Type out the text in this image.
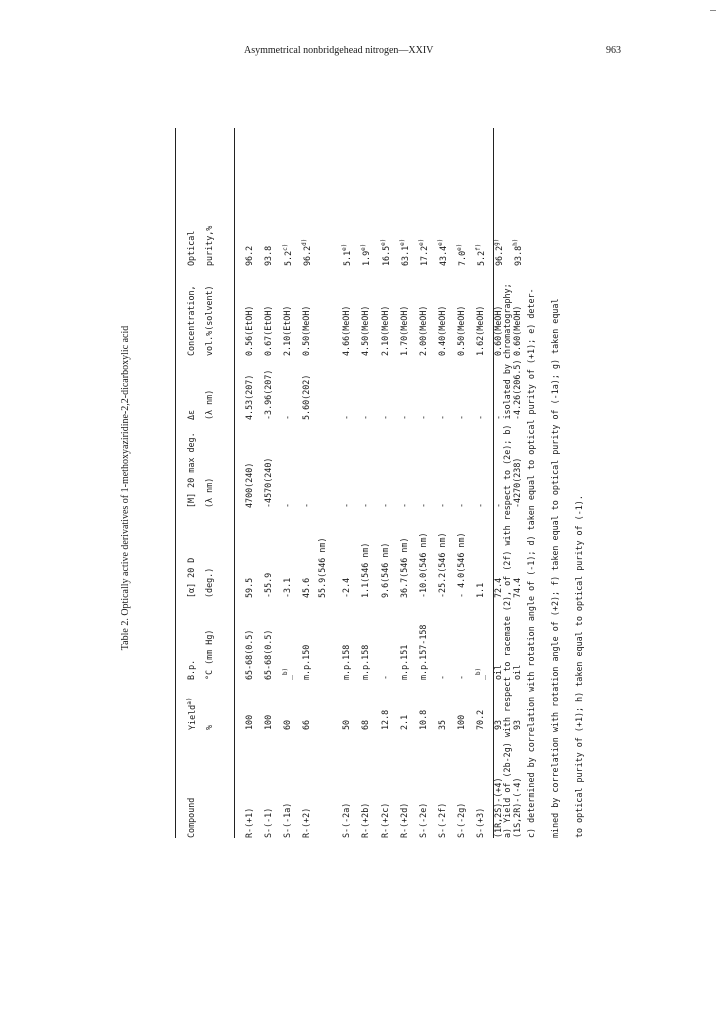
Asymmetrical nonbridgehead nitrogen—XXIV	963
Table 2. Optically active derivatives of 1-methoxyaziridine-2,2-dicarboxylic acid
Compound
Yield$^{a)}$
%
B.p. °C (mm Hg)
[α] 20 D (deg.)
[M] 20 max deg. (λ nm)
Δε (λ nm)
Concentration, vol.%(solvent)
Optical purity,%
R-(+1)
100
65-68(0.5)
59.5
4700(240)
4.53(207)
0.56(EtOH)
96.2
S-(-1)
100
65-68(0.5)
-55.9
-4570(240)
-3.96(207)
0.67(EtOH)
93.8
S-(-1a)
60
_$^{b)}$
-3.1
-
-
2.10(EtOH)
5.2$^{c)}$
R-(+2)
66
m.p.150
45.6
-
5.60(202)
0.50(MeOH)
96.2$^{d)}$
55.9(546 nm)
S-(-2a)
50
m.p.158
-2.4
-
-
4.66(MeOH)
5.1$^{e)}$
R-(+2b)
68
m.p.158
1.1(546 nm)
-
-
4.50(MeOH)
1.9$^{e)}$
R-(+2c)
12.8
-
9.6(546 nm)
-
-
2.10(MeOH)
16.5$^{e)}$
R-(+2d)
2.1
m.p.151
36.7(546 nm)
-
-
1.70(MeOH)
63.1$^{e)}$
S-(-2e)
10.8
m.p.157-158
-10.0(546 nm)
-
-
2.00(MeOH)
17.2$^{e)}$
S-(-2f)
35
-
-25.2(546 nm)
-
-
0.40(MeOH)
43.4$^{e)}$
S-(-2g)
100
-
- 4.0(546 nm)
-
-
0.50(MeOH)
7.0$^{e)}$
S-(+3)
70.2
_$^{b)}$
1.1
-
-
1.62(MeOH)
5.2$^{f)}$
(1R,2S)-(+4)
93
oil
72.4
-
-
0.60(MeOH)
96.2$^{g)}$
(1S,2R)-(-4)
93
oil
74.4
-4270(238)
-4.26(206.5)
0.60(MeOH)
93.8$^{h)}$
a) Yield of (2b-2g) with respect to racemate (2), of (2f) with respect to (2e); b) isolated by chromatography; c) determined by correlation with rotation angle of (-1); d) taken equal to optical purity of (+1); e) deter- mined by correlation with rotation angle of (+2); f) taken equal to optical purity of (-1a); g) taken equal to optical purity of (+1); h) taken equal to optical purity of (-1).
